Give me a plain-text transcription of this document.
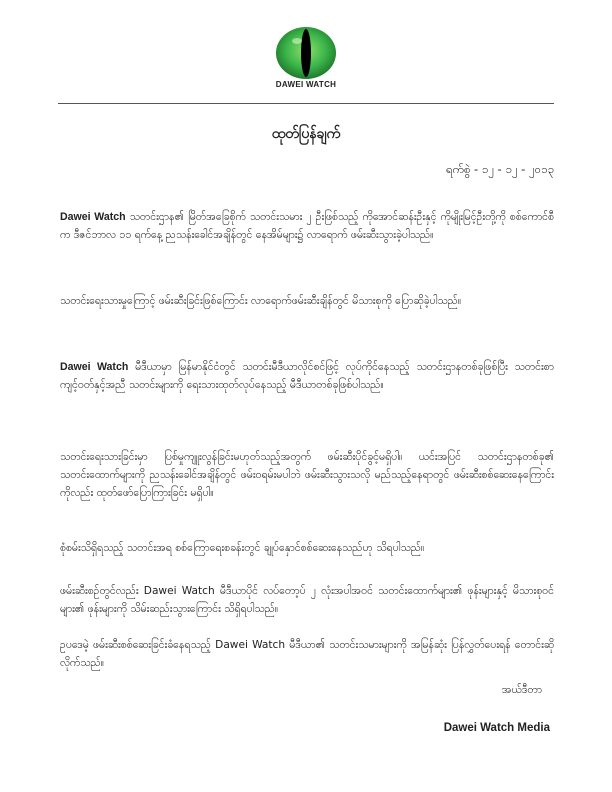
DAWEI WATCH
ထုတ်ပြန်ချက်
ရက်စွဲ - ၁၂ - ၁၂ - ၂၀၁၃

Dawei Watch သတင်းဌာန၏ မြိတ်အခြေစိုက် သတင်းသမား ၂ ဦးဖြစ်သည့် ကိုအောင်ဆန်းဦးနှင့် ကိုမျိုးမြင့်ဦးတို့ကို စစ်ကောင်စီက ဒီဇင်ဘာလ ၁၁ ရက်နေ့ ညသန်းခေါင်အချိန်တွင် နေအိမ်များ၌ လာရောက် ဖမ်းဆီးသွားခဲ့ပါသည်။

သတင်းရေးသားမှုကြောင့် ဖမ်းဆီးခြင်းဖြစ်ကြောင်း လာရောက်ဖမ်းဆီးချိန်တွင် မိသားစုကို ပြောဆိုခဲ့ပါသည်။

Dawei Watch မီဒီယာမှာ မြန်မာနိုင်ငံတွင် သတင်းမီဒီယာလိုင်စင်ဖြင့် လုပ်ကိုင်နေသည့် သတင်းဌာနတစ်ခုဖြစ်ပြီး သတင်းစာကျင့်ဝတ်နှင့်အညီ သတင်းများကို ရေးသားထုတ်လုပ်နေသည့် မီဒီယာတစ်ခုဖြစ်ပါသည်။

သတင်းရေးသားခြင်းမှာ ပြစ်မှုကျူးလွန်ခြင်းမဟုတ်သည့်အတွက် ဖမ်းဆီးပိုင်ခွင့်မရှိပါ။ ယင်းအပြင် သတင်းဌာနတစ်ခု၏ သတင်းထောက်များကို ညသန်းခေါင်အချိန်တွင် ဖမ်းဝရမ်းမပါဘဲ ဖမ်းဆီးသွားသလို မည်သည့်နေရာတွင် ဖမ်းဆီးစစ်ဆေးနေကြောင်းကိုလည်း ထုတ်ဖော်ပြောကြားခြင်း မရှိပါ။

စုံစမ်းသိရှိရသည့် သတင်းအရ စစ်ကြောရေးစခန်းတွင် ချုပ်နှောင်စစ်ဆေးနေသည်ဟု သိရပါသည်။

ဖမ်းဆီးစဉ်တွင်လည်း Dawei Watch မီဒီယာပိုင် လပ်တော့ပ် ၂ လုံးအပါအဝင် သတင်းထောက်များ၏ ဖုန်းများနှင့် မိသားစုဝင်များ၏ ဖုန်းများကို သိမ်းဆည်းသွားကြောင်း သိရှိရပါသည်။

ဥပဒေမဲ့ ဖမ်းဆီးစစ်ဆေးခြင်းခံနေရသည့် Dawei Watch မီဒီယာ၏ သတင်းသမားများကို အမြန်ဆုံး ပြန်လွှတ်ပေးရန် တောင်းဆိုလိုက်သည်။

အယ်ဒီတာ
Dawei Watch Media
